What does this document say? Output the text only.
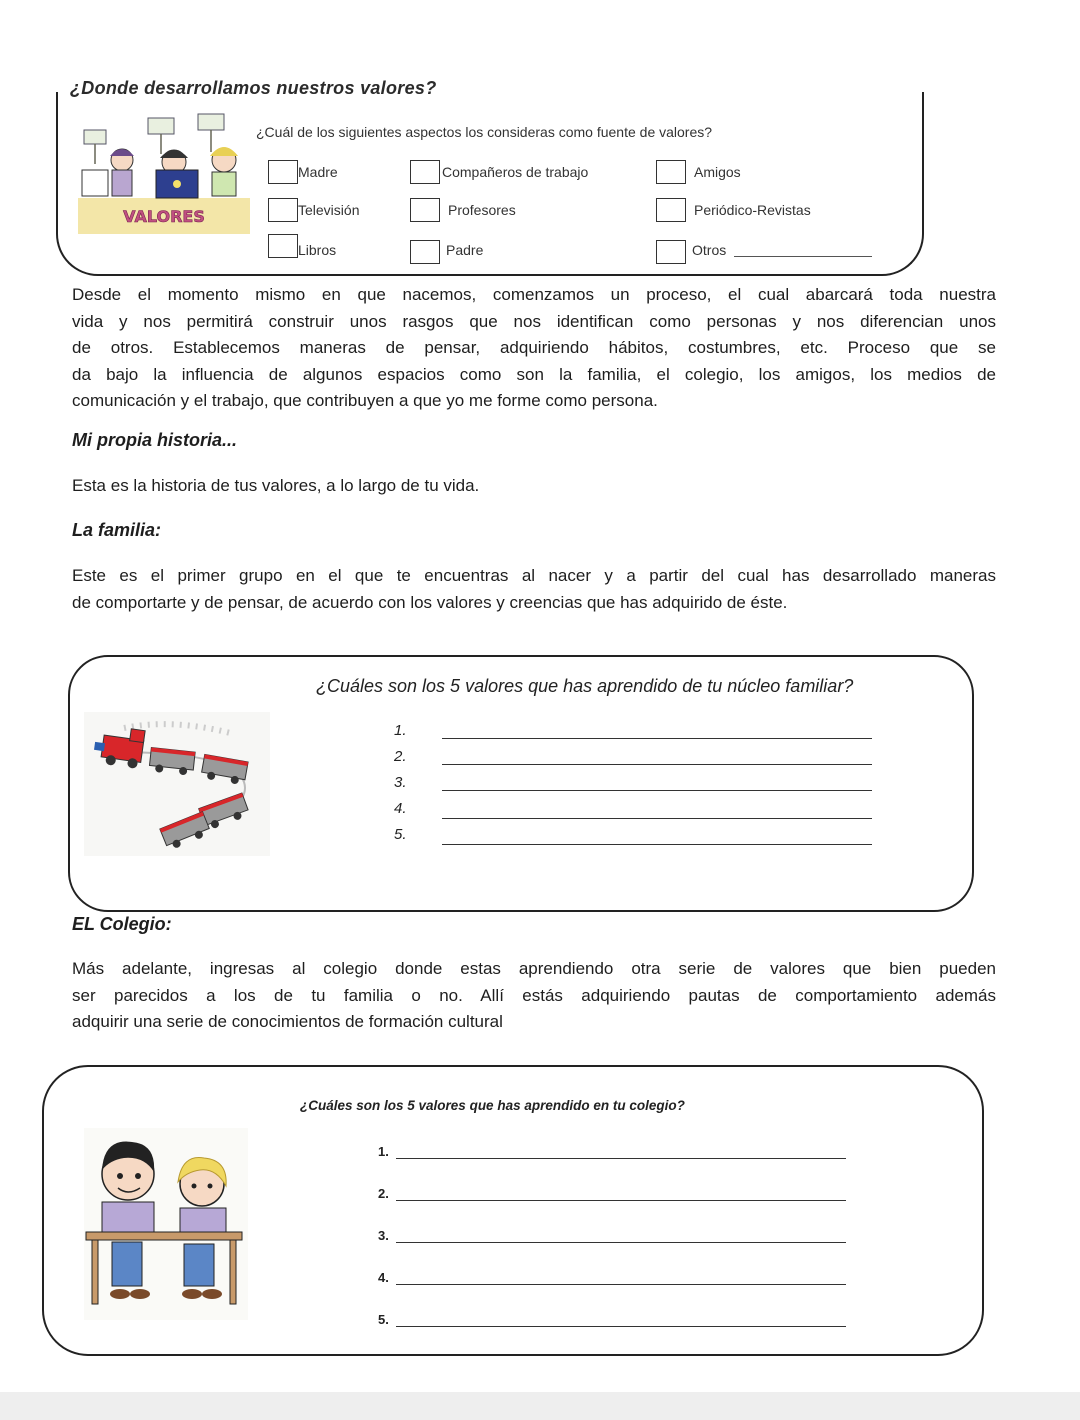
¿Donde desarrollamos nuestros valores?
VALORES
¿Cuál de los siguientes aspectos los consideras como fuente de valores?
Madre	Compañeros de trabajo	Amigos
Televisión	Profesores	Periódico-Revistas
Libros	Padre	Otros
Desde el momento mismo en que nacemos, comenzamos un proceso, el cual abarcará toda nuestra
vida y nos permitirá construir unos rasgos que nos identifican como personas y nos diferencian unos
de otros. Establecemos maneras de pensar, adquiriendo hábitos, costumbres, etc. Proceso que se
da bajo la influencia de algunos espacios como son la familia, el colegio, los amigos, los medios de
comunicación y el trabajo, que contribuyen a que yo me forme como persona.
Mi propia historia...
Esta es la historia de tus valores, a lo largo de tu vida.
La familia:
Este es el primer grupo en el que te encuentras al nacer y a partir del cual has desarrollado maneras
de comportarte y de pensar, de acuerdo con los valores y creencias que has adquirido de éste.
¿Cuáles son los 5 valores que has aprendido de tu núcleo familiar?
1.
2.
3.
4.
5.
EL Colegio:
Más adelante, ingresas al colegio donde estas aprendiendo otra serie de valores que bien pueden
ser parecidos a los de tu familia o no. Allí estás adquiriendo pautas de comportamiento además
adquirir una serie de conocimientos de formación cultural
¿Cuáles son los 5 valores que has aprendido en tu colegio?
1.
2.
3.
4.
5.
